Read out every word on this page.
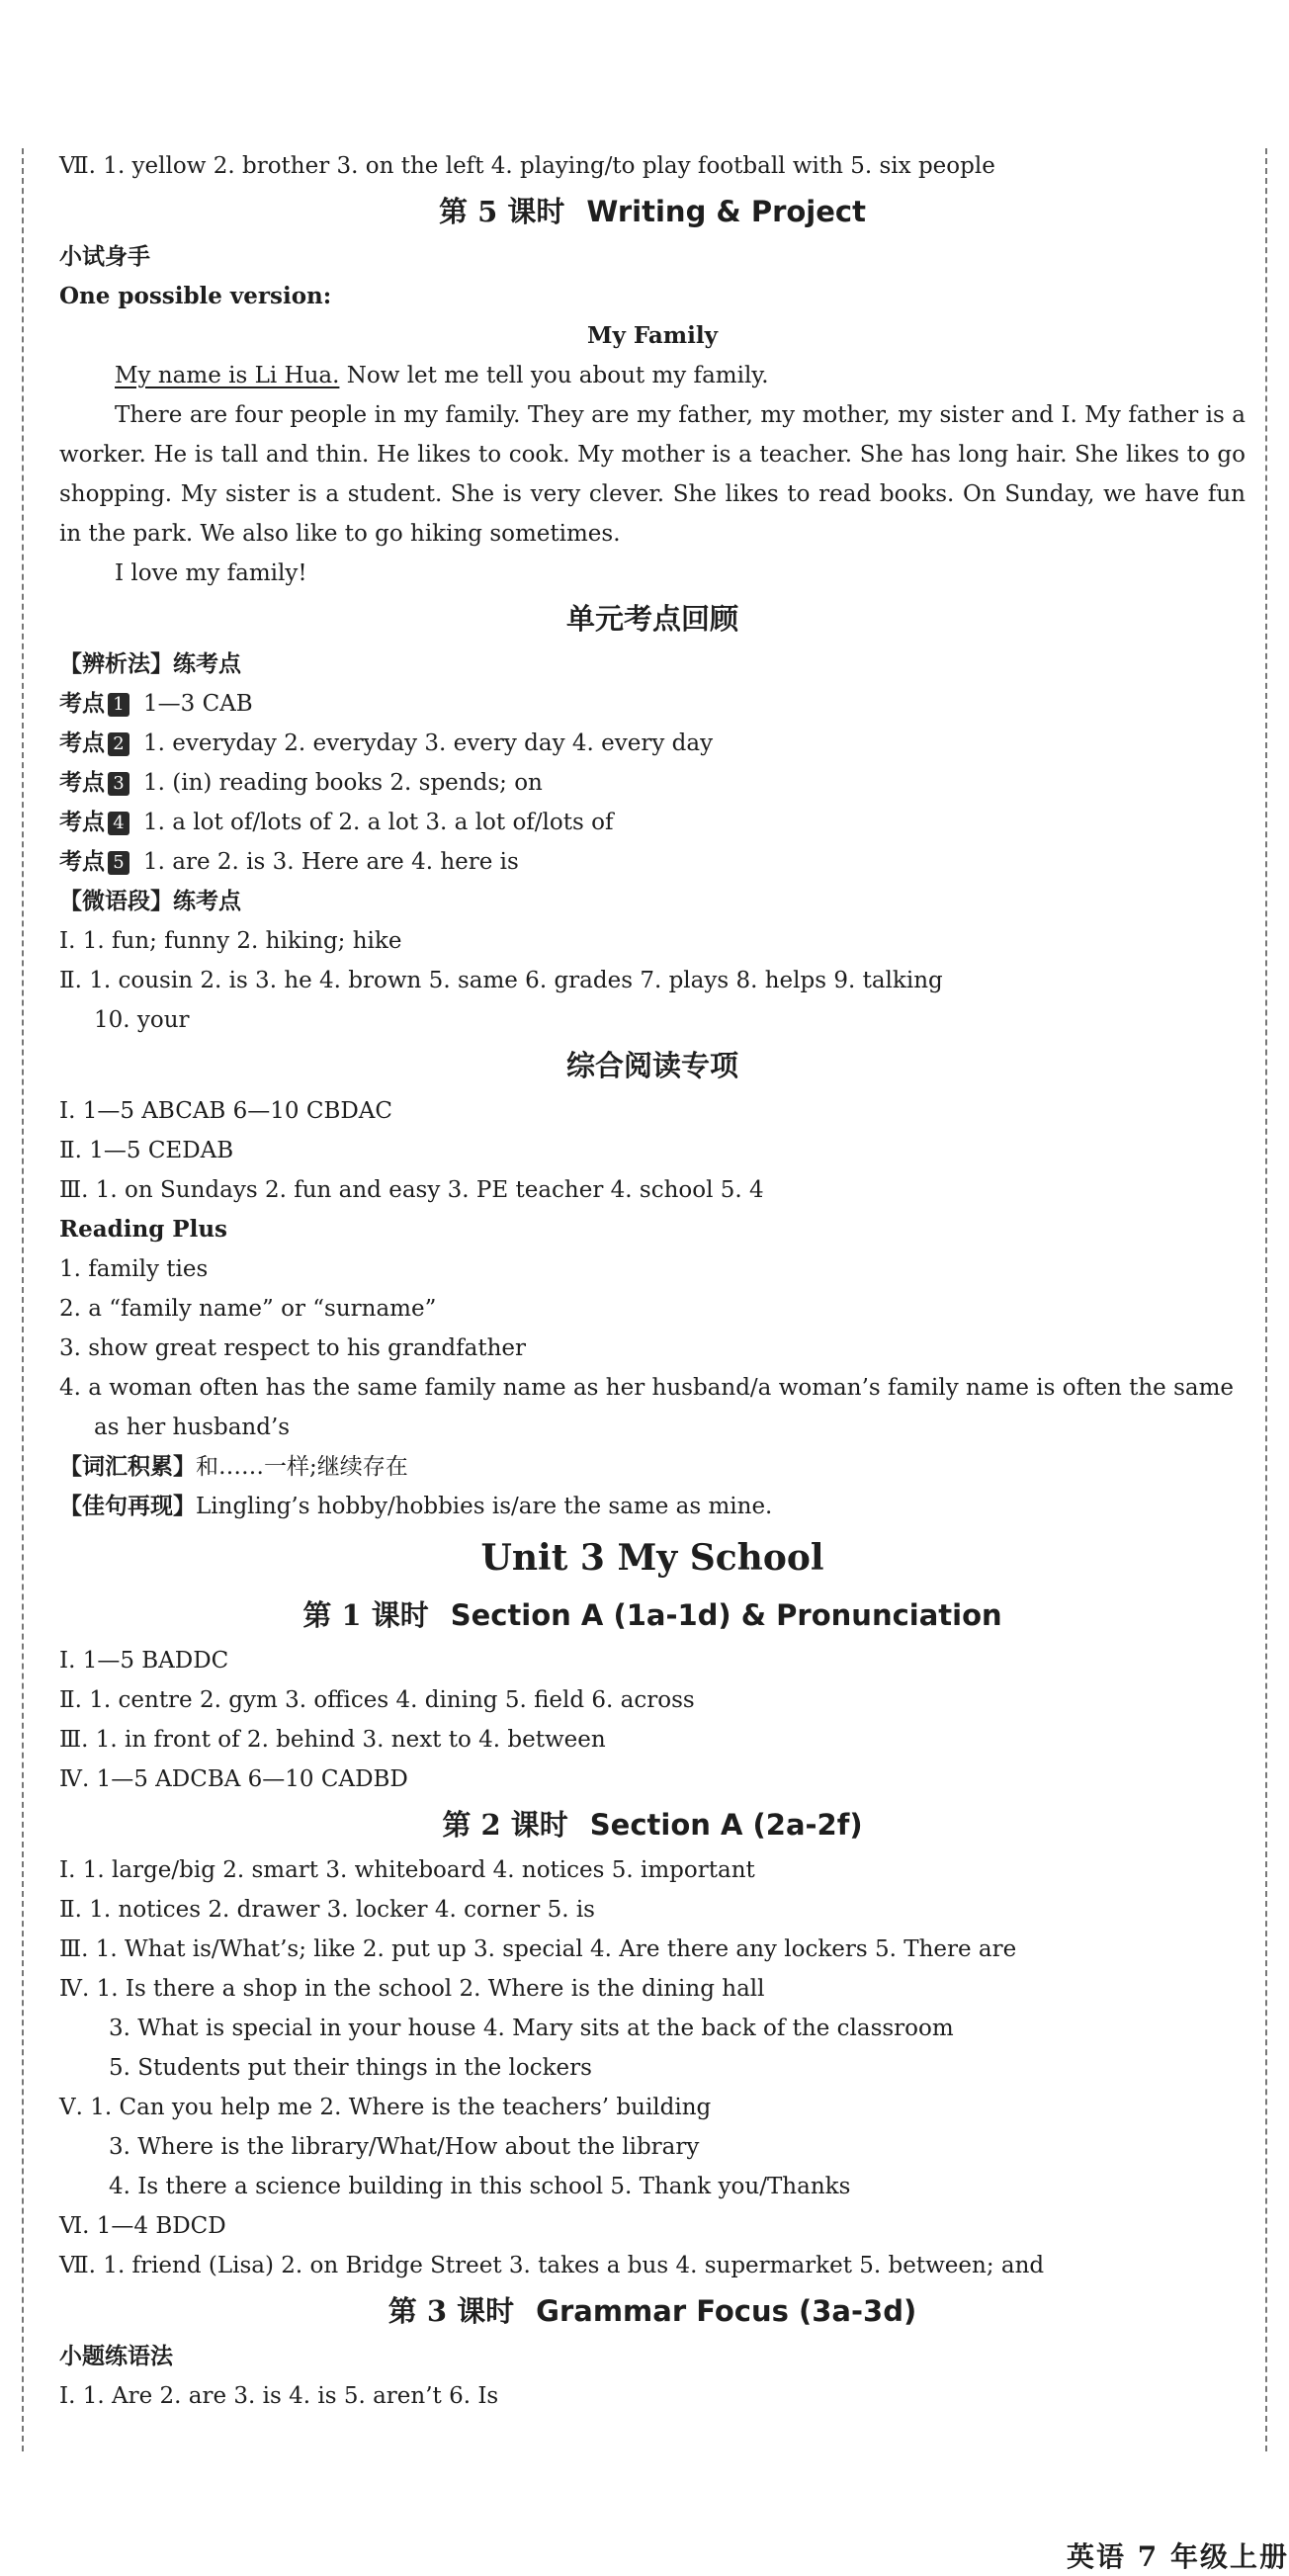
Ⅶ. 1. yellow 2. brother 3. on the left 4. playing/to play football with 5. six people
第 5 课时 Writing & Project
小试身手
One possible version:
My Family
My name is Li Hua. Now let me tell you about my family.
There are four people in my family. They are my father, my mother, my sister and I. My father is a worker. He is tall and thin. He likes to cook. My mother is a teacher. She has long hair. She likes to go shopping. My sister is a student. She is very clever. She likes to read books. On Sunday, we have fun in the park. We also like to go hiking sometimes.
I love my family!
单元考点回顾
【辨析法】练考点
考点 1 1—3 CAB
考点 2 1. everyday 2. everyday 3. every day 4. every day
考点 3 1. (in) reading books 2. spends; on
考点 4 1. a lot of/lots of 2. a lot 3. a lot of/lots of
考点 5 1. are 2. is 3. Here are 4. here is
【微语段】练考点
Ⅰ. 1. fun; funny 2. hiking; hike
Ⅱ. 1. cousin 2. is 3. he 4. brown 5. same 6. grades 7. plays 8. helps 9. talking
10. your
综合阅读专项
Ⅰ. 1—5 ABCAB 6—10 CBDAC
Ⅱ. 1—5 CEDAB
Ⅲ. 1. on Sundays 2. fun and easy 3. PE teacher 4. school 5. 4
Reading Plus
1. family ties
2. a “family name” or “surname”
3. show great respect to his grandfather
4. a woman often has the same family name as her husband/a woman’s family name is often the same
as her husband’s
【词汇积累】和……一样;继续存在
【佳句再现】Lingling’s hobby/hobbies is/are the same as mine.
Unit 3 My School
第 1 课时 Section A (1a-1d) & Pronunciation
Ⅰ. 1—5 BADDC
Ⅱ. 1. centre 2. gym 3. offices 4. dining 5. field 6. across
Ⅲ. 1. in front of 2. behind 3. next to 4. between
Ⅳ. 1—5 ADCBA 6—10 CADBD
第 2 课时 Section A (2a-2f)
Ⅰ. 1. large/big 2. smart 3. whiteboard 4. notices 5. important
Ⅱ. 1. notices 2. drawer 3. locker 4. corner 5. is
Ⅲ. 1. What is/What’s; like 2. put up 3. special 4. Are there any lockers 5. There are
Ⅳ. 1. Is there a shop in the school 2. Where is the dining hall
3. What is special in your house 4. Mary sits at the back of the classroom
5. Students put their things in the lockers
Ⅴ. 1. Can you help me 2. Where is the teachers’ building
3. Where is the library/What/How about the library
4. Is there a science building in this school 5. Thank you/Thanks
Ⅵ. 1—4 BDCD
Ⅶ. 1. friend (Lisa) 2. on Bridge Street 3. takes a bus 4. supermarket 5. between; and
第 3 课时 Grammar Focus (3a-3d)
小题练语法
Ⅰ. 1. Are 2. are 3. is 4. is 5. aren’t 6. Is
英语 7 年级上册
